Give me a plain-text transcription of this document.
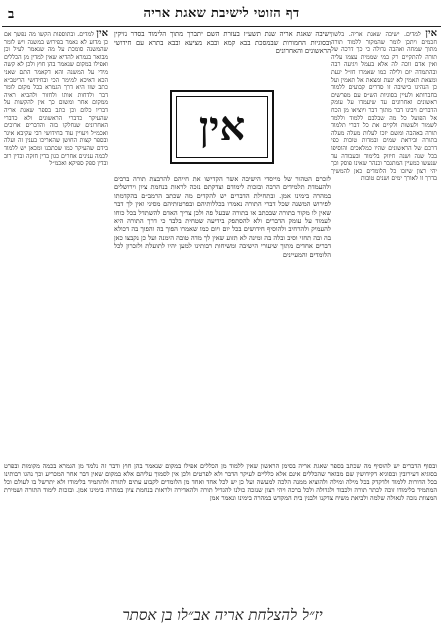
ב	דף הזוטי לישיבת שאגת אריה

אין למדים. ישיבה שאגת אריה. בלשון חכמים ויתכן לומר שהמקור ללמוד תורה מתוך שמחה ואהבה גדולה כי כך דרכה של תורה להתקיים רק במי שממית עצמו עליה ואין אדם זוכה לה אלא בעמל ויגיעה רבה ובהתמדה יום ולילה כמו שאמרו חז״ל יגעת ומצאת תאמין לא יגעת ומצאת אל תאמין ועל כן הנהיגו בישיבה זו סדרים קבועים ללמוד בחברותא ולעיין בסוגיות הש״ס עם מפרשים ראשונים ואחרונים עד שיעמדו על עומק הדברים ויבינו דבר מתוך דבר ויוציאו מן הכח אל הפועל כל מה שבלבם ללמוד וללמד לשמור ולעשות ולקיים את כל דברי תלמוד תורה באהבה ומשם יזכו לעלות מעלה מעלה בתורה וביראת שמים ובמדות טובות כפי דרכם של הראשונים שהיו כמלאכים והוסיפו בכל שנה ושנה חיזוק בלימוד ובעבודה עד שנעשו כמעיין המתגבר וכנהר שאינו פוסק וכך יהי רצון שיזכו כל הלומדים כאן להמשיך בדרך זו לאורך ימים ושנים טובות

אין למדים. ובתוספות הקשו מה נפשך אם כן מדוע לא נאמר בפירוש במשנה ויש לומר שהמשנה סומכת על מה שנאמר לעיל וכן מבואר בגמרא להדיא שאין למדין מן הכללים ואפילו במקום שנאמר בהן חוץ ולכן לא קשה מידי על המשנה והא דקאמר התם שאני הכא דאיכא למימר הכי ובחידושי הריטב״א כתב שזו היא דרך הגמרא בכל מקום לומר דבר ולדחות אותו ולחזור ולהביא ראיה ממקום אחר ומשום כך אין להקשות על דבריו כלום וכן כתב בספר שאגת אריה שהעיקר כדברי הראשונים ולא כדברי האחרונים שנחלקו בזה והדברים ארוכים ואכמ״ל ויעויין עוד בחידושי רבי עקיבא איגר ובספר קצות החושן שהאריכו בענין זה ועלה בידם שהעיקר כמו שכתבנו ומכאן יש ללמוד לכמה ענינים אחרים כגון בדין חזקה ובדין רוב ובדין ספק ספיקא ואכמ״ל

ישיבה שאגת אריה שנת תשע״ז בעזרת השם יתברך מתוך הלימוד בסדר נזיקין ובסוגיות החמורות שבמסכת בבא קמא ובבא מציעא ובבא בתרא עם חידושי הראשונים והאחרונים

אין

לזכרם הטהור של מייסדי הישיבה אשר הקדישו את חייהם להרבצת תורה ברבים ולהעמדת תלמידים הרבה ובזכות לימודם וצדקתם נזכה לראות בנחמת ציון וירושלים במהרה בימינו אמן. ובתחילת הדברים יש להקדים מה שכתב הרמב״ם בהקדמתו לפירוש המשנה שכל דברי התורה נאמרו בכללותיהם ובפרטותיהם מסיני ואין לך דבר שאין לו מקור בתורה שבכתב או בתורה שבעל פה ולכן צריך האדם להשתדל בכל כוחו לעמוד על עומק הדברים ולא להסתפק בידיעה שטחית בלבד כי דרך התורה היא להעמיק ולהרחיב ולהוסיף חידושים בכל יום ויום כמו שאמרו הפוך בה והפוך בה דכולא בה ובה תחזי וסיב ובלה בה ומינה לא תזוע שאין לך מדה טובה הימנה ועל כן נקבצו כאן דברים אחדים מתוך שיעורי הישיבה ומשיחות רבותינו למען יהיו לתועלת ולזכרון לכל הלומדים והמעיינים

ובסוף הדברים יש להוסיף מה שכתב בספר שאגת אריה בסימן הראשון שאין ללמוד מן הכללים אפילו במקום שנאמר בהן חוץ ודבר זה נלמד מן הגמרא בכמה מקומות ובפרט בסוגיא דעירובין ובסוגיא דקידושין שם מבואר שהכללים אינם אלא כלליים לעיקר הדבר ולא לפרטים ולכן אין לסמוך עליהם אלא במקום שאין דבר אחר המכריע וכך נהגו רבותינו בכל הדורות ללמוד ולדקדק בכל מילה ומילה ולהוציא ממנה הלכה למעשה ועל כן יש לכל אחד ואחד מן הלומדים לקבוע עתים לתורה ולהתמיד בלימודו ולא יתרשל בו לעולם וכל המתמיד בלימודו זוכה לכתר תורה ולכבוד ולגדולה ולכל ברכה ויהי רצון שנזכה כולנו להגדיל תורה ולהאדירה ולראות בנחמת ציון במהרה בימינו אמן. ובזכות לימוד התורה ושמירת המצוות נזכה לגאולה שלמה ולביאת משיח צדקנו ולבנין בית המקדש במהרה בימינו ונאמר אמן

יז״ל להצלחת אריה אב״לו בן אסתר
